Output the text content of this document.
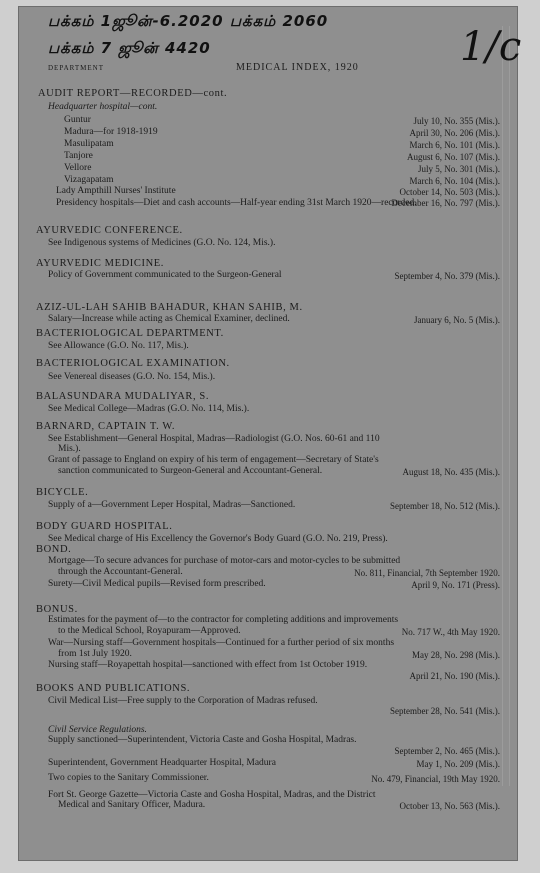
பக்கம் 1ஜூன்-6.2020 பக்கம் 2060
பக்கம் 7 ஜூன் 4420	1/c
DEPARTMENT	MEDICAL INDEX, 1920
AUDIT REPORT—RECORDED—cont.
Headquarter hospital—cont.
Guntur	July 10, No. 355 (Mis.).
Madura—for 1918-1919	April 30, No. 206 (Mis.).
Masulipatam	March 6, No. 101 (Mis.).
Tanjore	August 6, No. 107 (Mis.).
Vellore	July 5, No. 301 (Mis.).
Vizagapatam	March 6, No. 104 (Mis.).
Lady Ampthill Nurses' Institute	October 14, No. 503 (Mis.).
Presidency hospitals—Diet and cash accounts—Half-year ending 31st March 1920—recorded.
December 16, No. 797 (Mis.).
AYURVEDIC CONFERENCE.
See Indigenous systems of Medicines (G.O. No. 124, Mis.).
AYURVEDIC MEDICINE.
Policy of Government communicated to the Surgeon-General	September 4, No. 379 (Mis.).
AZIZ-UL-LAH SAHIB BAHADUR, KHAN SAHIB, M.
Salary—Increase while acting as Chemical Examiner, declined.	January 6, No. 5 (Mis.).
BACTERIOLOGICAL DEPARTMENT.
See Allowance (G.O. No. 117, Mis.).
BACTERIOLOGICAL EXAMINATION.
See Venereal diseases (G.O. No. 154, Mis.).
BALASUNDARA MUDALIYAR, S.
See Medical College—Madras (G.O. No. 114, Mis.).
BARNARD, CAPTAIN T. W.
See Establishment—General Hospital, Madras—Radiologist (G.O. Nos. 60-61 and 110
Mis.).
Grant of passage to England on expiry of his term of engagement—Secretary of State's
sanction communicated to Surgeon-General and Accountant-General.	August 18, No. 435 (Mis.).
BICYCLE.
Supply of a—Government Leper Hospital, Madras—Sanctioned.	September 18, No. 512 (Mis.).
BODY GUARD HOSPITAL.
See Medical charge of His Excellency the Governor's Body Guard (G.O. No. 219, Press).
BOND.
Mortgage—To secure advances for purchase of motor-cars and motor-cycles to be submitted
through the Accountant-General.	No. 811, Financial, 7th September 1920.
Surety—Civil Medical pupils—Revised form prescribed.	April 9, No. 171 (Press).
BONUS.
Estimates for the payment of—to the contractor for completing additions and improvements
to the Medical School, Royapuram—Approved.	No. 717 W., 4th May 1920.
War—Nursing staff—Government hospitals—Continued for a further period of six months
from 1st July 1920.	May 28, No. 298 (Mis.).
Nursing staff—Royapettah hospital—sanctioned with effect from 1st October 1919.
April 21, No. 190 (Mis.).
BOOKS AND PUBLICATIONS.
Civil Medical List—Free supply to the Corporation of Madras refused.
September 28, No. 541 (Mis.).
Civil Service Regulations.
Supply sanctioned—Superintendent, Victoria Caste and Gosha Hospital, Madras.
September 2, No. 465 (Mis.).
Superintendent, Government Headquarter Hospital, Madura	May 1, No. 209 (Mis.).
Two copies to the Sanitary Commissioner.	No. 479, Financial, 19th May 1920.
Fort St. George Gazette—Victoria Caste and Gosha Hospital, Madras, and the District
Medical and Sanitary Officer, Madura.	October 13, No. 563 (Mis.).
